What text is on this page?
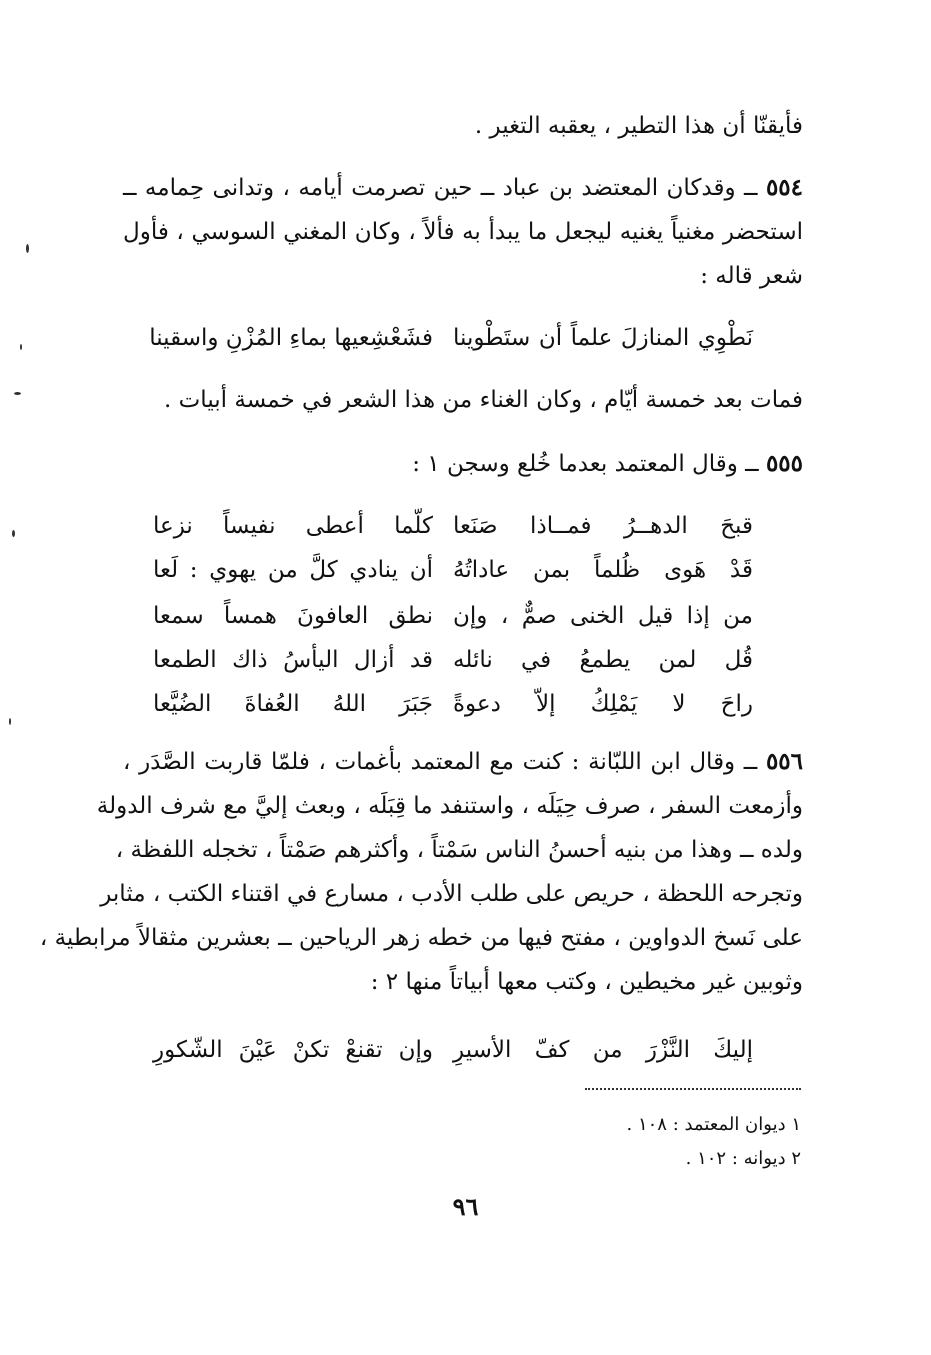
فأيقنّا أن هذا التطير ، يعقبه التغير .
٥٥٤ ــ وقدكان المعتضد بن عباد ــ حين تصرمت أيامه ، وتدانى حِمامه ــ
استحضر مغنياً يغنيه ليجعل ما يبدأ به فألاً ، وكان المغني السوسي ، فأول
شعر قاله :
نَطْوِي المنازلَ علماً أن ستَطْوينا
فشَعْشِعيها بماءِ المُزْنِ واسقينا
فمات بعد خمسة أيّام ، وكان الغناء من هذا الشعر في خمسة أبيات .
٥٥٥ ــ وقال المعتمد بعدما خُلع وسجن ١ :
قبحَ الدهــرُ فمــاذا صَنَعا
كلّما أعطى نفيساً نزعا
قَدْ هَوى ظُلماً بمن عاداتُهُ
أن ينادي كلَّ من يهوي : لَعا
من إذا قيل الخنى صمٌّ ، وإن
نطق العافونَ همساً سمعا
قُل لمن يطمعُ في نائله
قد أزال اليأسُ ذاك الطمعا
راحَ لا يَمْلِكُ إلاّ دعوةً
جَبَرَ اللهُ العُفاةَ الضُيَّعا
٥٥٦ ــ وقال ابن اللبّانة : كنت مع المعتمد بأغمات ، فلمّا قاربت الصَّدَر ،
وأزمعت السفر ، صرف حِيَلَه ، واستنفد ما قِبَلَه ، وبعث إليَّ مع شرف الدولة
ولده ــ وهذا من بنيه أحسنُ الناس سَمْتاً ، وأكثرهم صَمْتاً ، تخجله اللفظة ،
وتجرحه اللحظة ، حريص على طلب الأدب ، مسارع في اقتناء الكتب ، مثابر
على نَسخ الدواوين ، مفتح فيها من خطه زهر الرياحين ــ بعشرين مثقالاً مرابطية ،
وثوبين غير مخيطين ، وكتب معها أبياتاً منها ٢ :
إليكَ النَّزْرَ من كفّ الأسيرِ
وإن تقنعْ تكنْ عَيْنَ الشّكورِ
١ ديوان المعتمد : ١٠٨ .
٢ ديوانه : ١٠٢ .
٩٦
